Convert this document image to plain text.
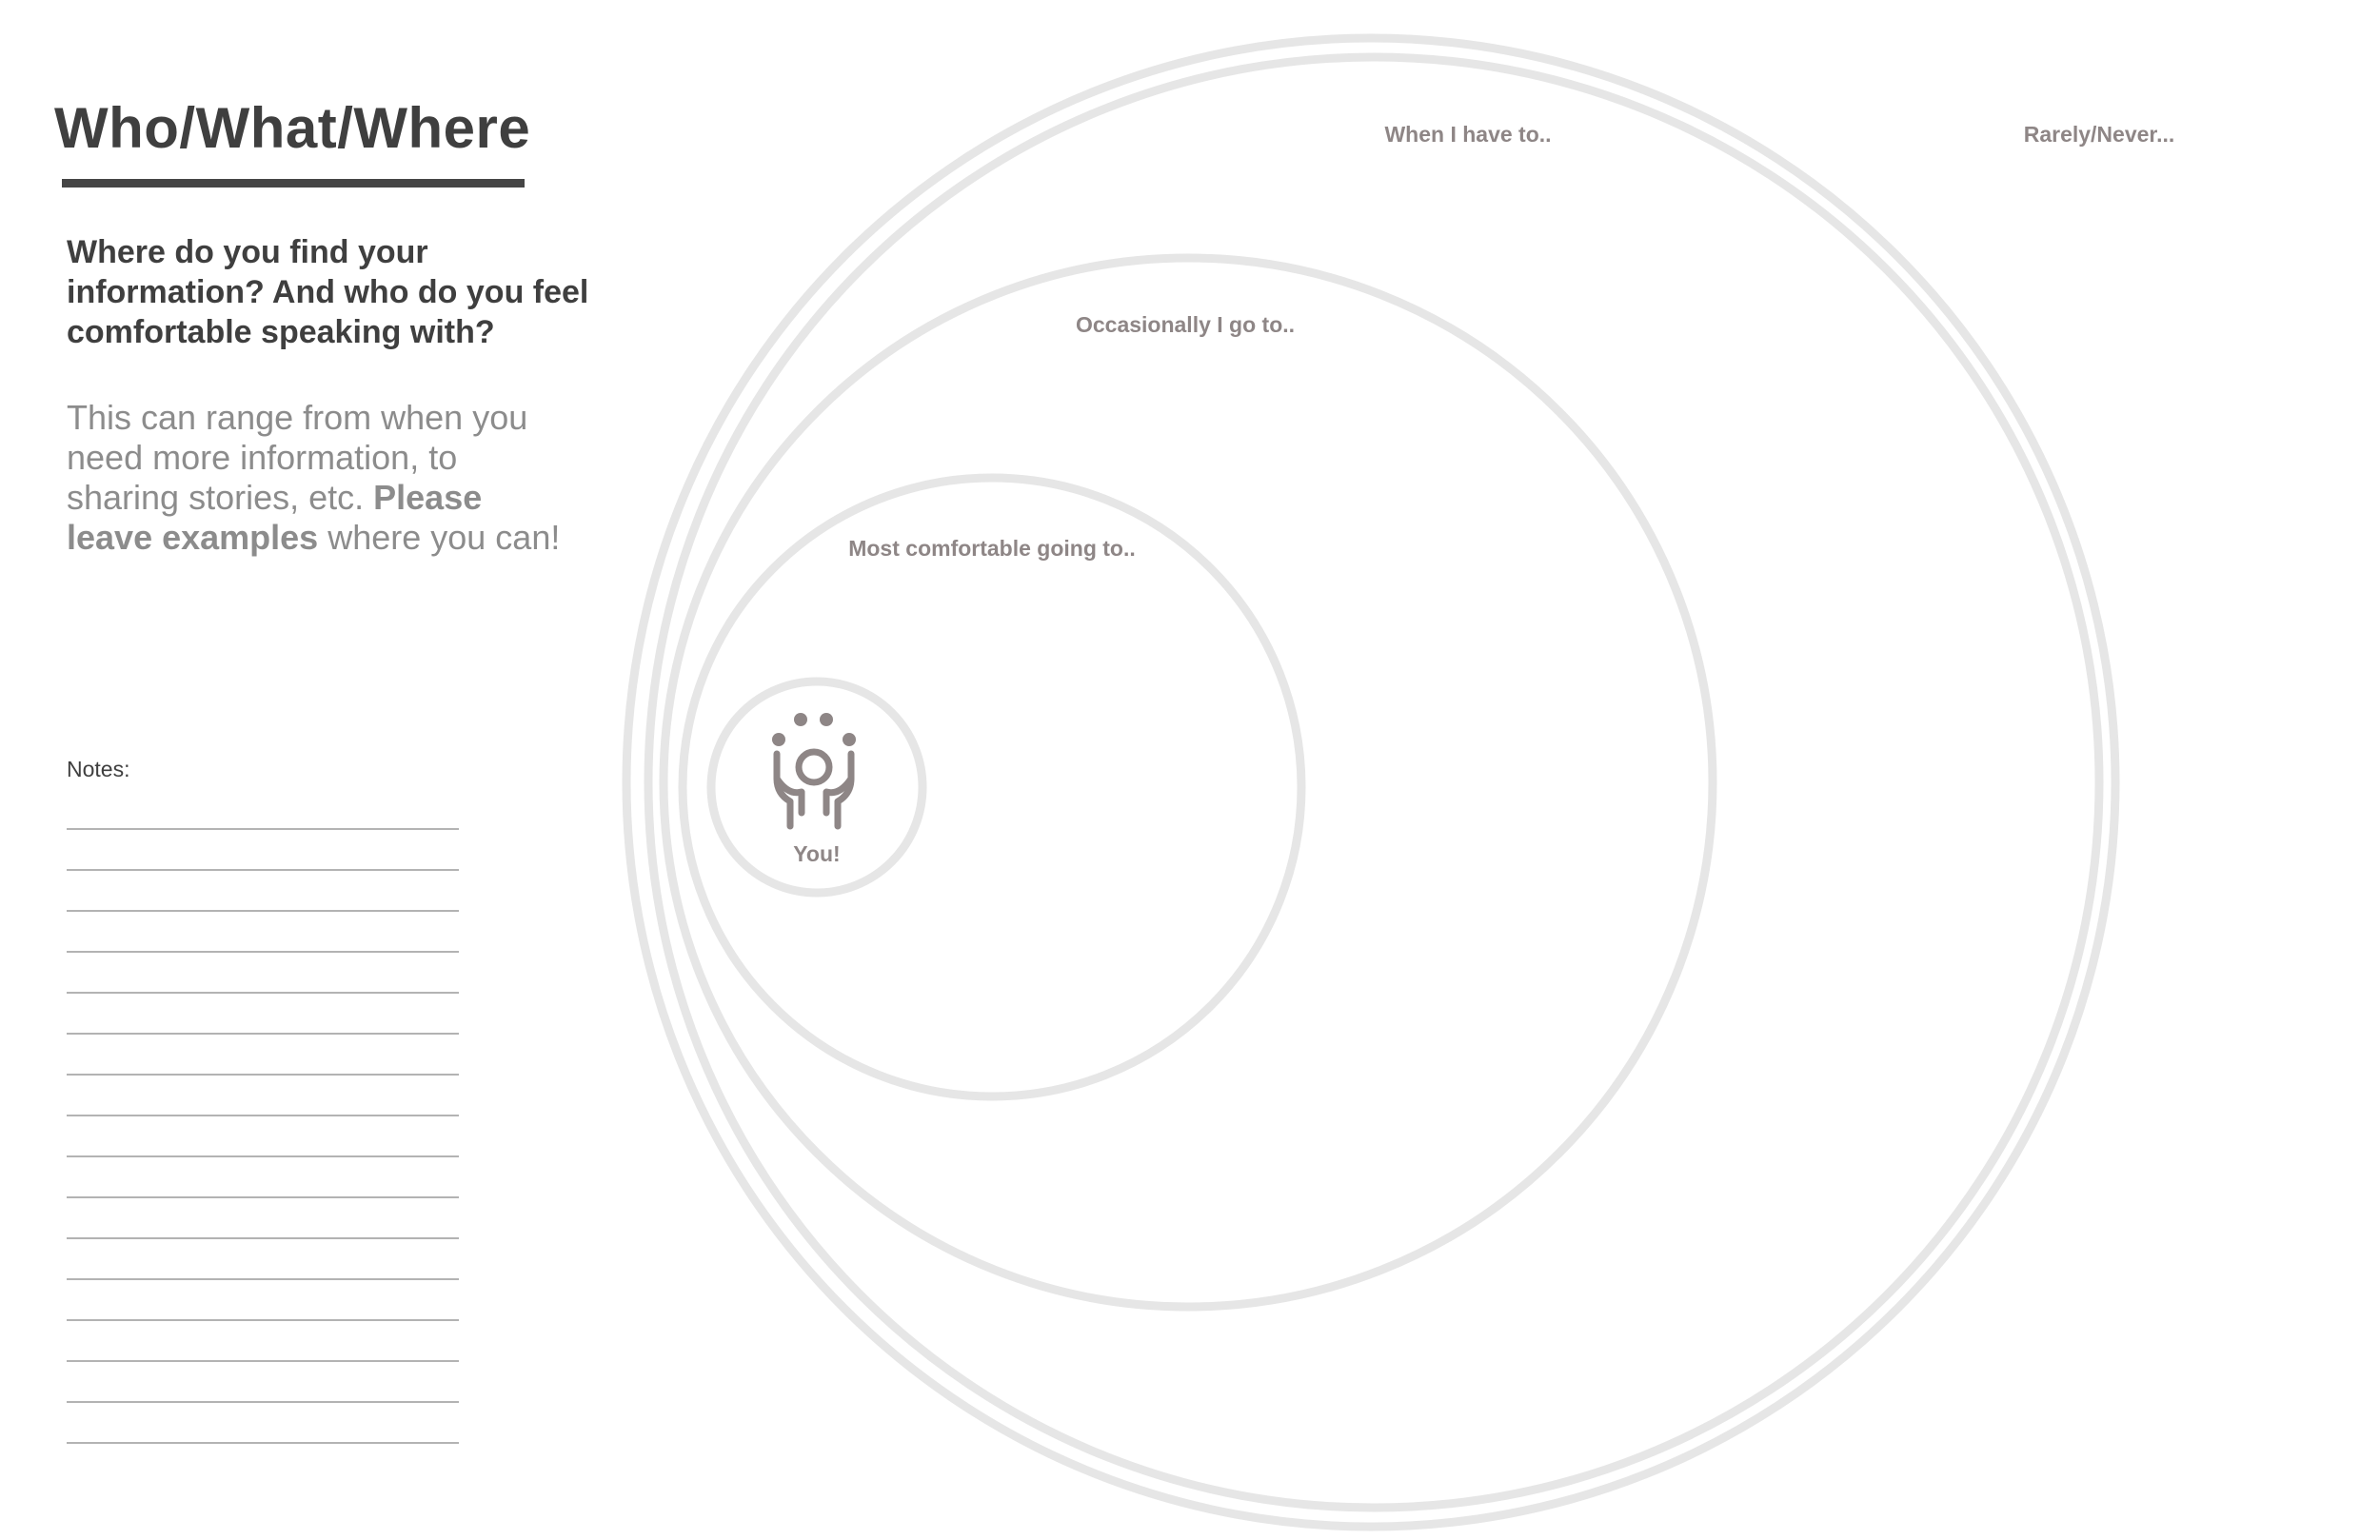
Who/What/Where
Where do you find your information? And who do you feel comfortable speaking with?
This can range from when you need more information, to sharing stories, etc. Please leave examples where you can!
Notes:
When I have to..	Rarely/Never...
Occasionally I go to..
Most comfortable going to..
You!
